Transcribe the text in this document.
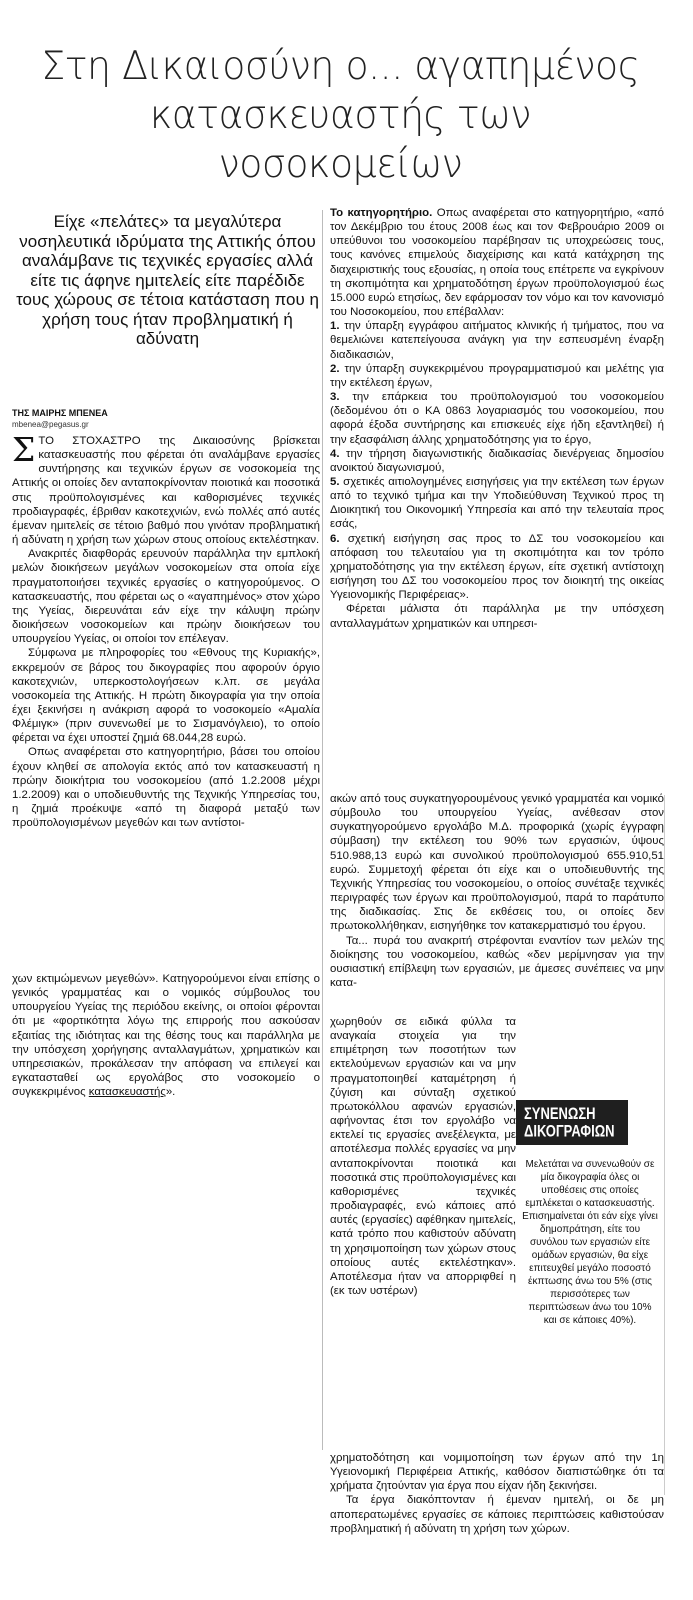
Στη Δικαιοσύνη ο... αγαπημένος
κατασκευαστής των νοσοκομείων
Είχε «πελάτες» τα μεγαλύτερα νοσηλευτικά ιδρύματα της Αττικής όπου αναλάμβανε τις τεχνικές εργασίες αλλά είτε τις άφηνε ημιτελείς είτε παρέδιδε τους χώρους σε τέτοια κατάσταση που η χρήση τους ήταν προβληματική ή αδύνατη
ΤΗΣ ΜΑΙΡΗΣ ΜΠΕΝΕΑ
mbenea@pegasus.gr

ΣΤΟ ΣΤΟΧΑΣΤΡΟ της Δικαιοσύνης βρίσκεται κατασκευαστής που φέρεται ότι αναλάμβανε εργασίες συντήρησης και τεχνικών έργων σε νοσοκομεία της Αττικής οι οποίες δεν ανταποκρίνονταν ποιοτικά και ποσοτικά στις προϋπολογισμένες και καθορισμένες τεχνικές προδιαγραφές, έβριθαν κακοτεχνιών, ενώ πολλές από αυτές έμεναν ημιτελείς σε τέτοιο βαθμό που γινόταν προβληματική ή αδύνατη η χρήση των χώρων στους οποίους εκτελέστηκαν.

Ανακριτές διαφθοράς ερευνούν παράλληλα την εμπλοκή μελών διοικήσεων μεγάλων νοσοκομείων στα οποία είχε πραγματοποιήσει τεχνικές εργασίες ο κατηγορούμενος. Ο κατασκευαστής, που φέρεται ως ο «αγαπημένος» στον χώρο της Υγείας, διερευνάται εάν είχε την κάλυψη πρώην διοικήσεων νοσοκομείων και πρώην διοικήσεων του υπουργείου Υγείας, οι οποίοι τον επέλεγαν.

Σύμφωνα με πληροφορίες του «Εθνους της Κυριακής», εκκρεμούν σε βάρος του δικογραφίες που αφορούν όργιο κακοτεχνιών, υπερκοστολογήσεων κ.λπ. σε μεγάλα νοσοκομεία της Αττικής. Η πρώτη δικογραφία για την οποία έχει ξεκινήσει η ανάκριση αφορά το νοσοκομείο «Αμαλία Φλέμιγκ» (πριν συνενωθεί με το Σισμανόγλειο), το οποίο φέρεται να έχει υποστεί ζημιά 68.044,28 ευρώ.

Οπως αναφέρεται στο κατηγορητήριο, βάσει του οποίου έχουν κληθεί σε απολογία εκτός από τον κατασκευαστή η πρώην διοικήτρια του νοσοκομείου (από 1.2.2008 μέχρι 1.2.2009) και ο υποδιευθυντής της Τεχνικής Υπηρεσίας του, η ζημιά προέκυψε «από τη διαφορά μεταξύ των προϋπολογισμένων μεγεθών και των αντίστοι-

χων εκτιμώμενων μεγεθών». Κατηγορούμενοι είναι επίσης ο γενικός γραμματέας και ο νομικός σύμβουλος του υπουργείου Υγείας της περιόδου εκείνης, οι οποίοι φέρονται ότι με «φορτικότητα λόγω της επιρροής που ασκούσαν εξαιτίας της ιδιότητας και της θέσης τους και παράλληλα με την υπόσχεση χορήγησης ανταλλαγμάτων, χρηματικών και υπηρεσιακών, προκάλεσαν την απόφαση να επιλεγεί και εγκατασταθεί ως εργολάβος στο νοσοκομείο ο συγκεκριμένος κατασκευαστής».

Το κατηγορητήριο. Οπως αναφέρεται στο κατηγορητήριο, «από τον Δεκέμβριο του έτους 2008 έως και τον Φεβρουάριο 2009 οι υπεύθυνοι του νοσοκομείου παρέβησαν τις υποχρεώσεις τους, τους κανόνες επιμελούς διαχείρισης και κατά κατάχρηση της διαχειριστικής τους εξουσίας, η οποία τους επέτρεπε να εγκρίνουν τη σκοπιμότητα και χρηματοδότηση έργων προϋπολογισμού έως 15.000 ευρώ ετησίως, δεν εφάρμοσαν τον νόμο και τον κανονισμό του Νοσοκομείου, που επέβαλλαν:

1. την ύπαρξη εγγράφου αιτήματος κλινικής ή τμήματος, που να θεμελιώνει κατεπείγουσα ανάγκη για την εσπευσμένη έναρξη διαδικασιών,

2. την ύπαρξη συγκεκριμένου προγραμματισμού και μελέτης για την εκτέλεση έργων,

3. την επάρκεια του προϋπολογισμού του νοσοκομείου (δεδομένου ότι ο ΚΑ 0863 λογαριασμός του νοσοκομείου, που αφορά έξοδα συντήρησης και επισκευές είχε ήδη εξαντληθεί) ή την εξασφάλιση άλλης χρηματοδότησης για το έργο,

4. την τήρηση διαγωνιστικής διαδικασίας διενέργειας δημοσίου ανοικτού διαγωνισμού,

5. σχετικές αιτιολογημένες εισηγήσεις για την εκτέλεση των έργων από το τεχνικό τμήμα και την Υποδιεύθυνση Τεχνικού προς τη Διοικητική του Οικονομική Υπηρεσία και από την τελευταία προς εσάς,

6. σχετική εισήγηση σας προς το ΔΣ του νοσοκομείου και απόφαση του τελευταίου για τη σκοπιμότητα και τον τρόπο χρηματοδότησης για την εκτέλεση έργων, είτε σχετική αντίστοιχη εισήγηση του ΔΣ του νοσοκομείου προς τον διοικητή της οικείας Υγειονομικής Περιφέρειας».

Φέρεται μάλιστα ότι παράλληλα με την υπόσχεση ανταλλαγμάτων χρηματικών και υπηρεσι-

ακών από τους συγκατηγορουμένους γενικό γραμματέα και νομικό σύμβουλο του υπουργείου Υγείας, ανέθεσαν στον συγκατηγορούμενο εργολάβο Μ.Δ. προφορικά (χωρίς έγγραφη σύμβαση) την εκτέλεση του 90% των εργασιών, ύψους 510.988,13 ευρώ και συνολικού προϋπολογισμού 655.910,51 ευρώ. Συμμετοχή φέρεται ότι είχε και ο υποδιευθυντής της Τεχνικής Υπηρεσίας του νοσοκομείου, ο οποίος συνέταξε τεχνικές περιγραφές των έργων και προϋπολογισμού, παρά το παράτυπο της διαδικασίας. Στις δε εκθέσεις του, οι οποίες δεν πρωτοκολλήθηκαν, εισηγήθηκε τον κατακερματισμό του έργου.

Τα... πυρά του ανακριτή στρέφονται εναντίον των μελών της διοίκησης του νοσοκομείου, καθώς «δεν μερίμνησαν για την ουσιαστική επίβλεψη των εργασιών, με άμεσες συνέπειες να μην κατα-

χωρηθούν σε ειδικά φύλλα τα αναγκαία στοιχεία για την επιμέτρηση των ποσοτήτων των εκτελούμενων εργασιών και να μην πραγματοποιηθεί καταμέτρηση ή ζύγιση και σύνταξη σχετικού πρωτοκόλλου αφανών εργασιών, αφήνοντας έτσι τον εργολάβο να εκτελεί τις εργασίες ανεξέλεγκτα, με αποτέλεσμα πολλές εργασίες να μην ανταποκρίνονται ποιοτικά και ποσοτικά στις προϋπολογισμένες και καθορισμένες τεχνικές προδιαγραφές, ενώ κάποιες από αυτές (εργασίες) αφέθηκαν ημιτελείς, κατά τρόπο που καθιστούν αδύνατη τη χρησιμοποίηση των χώρων στους οποίους αυτές εκτελέστηκαν». Αποτέλεσμα ήταν να απορριφθεί η (εκ των υστέρων)

χρηματοδότηση και νομιμοποίηση των έργων από την 1η Υγειονομική Περιφέρεια Αττικής, καθόσον διαπιστώθηκε ότι τα χρήματα ζητούνταν για έργα που είχαν ήδη ξεκινήσει.

Τα έργα διακόπτονταν ή έμεναν ημιτελή, οι δε μη αποπερατωμένες εργασίες σε κάποιες περιπτώσεις καθιστούσαν προβληματική ή αδύνατη τη χρήση των χώρων.

ΣΥΝΕΝΩΣΗ
ΔΙΚΟΓΡΑΦΙΩΝ
Μελετάται να συνενωθούν σε μία δικογραφία όλες οι υποθέσεις στις οποίες εμπλέκεται ο κατασκευαστής. Επισημαίνεται ότι εάν είχε γίνει δημοπράτηση, είτε του συνόλου των εργασιών είτε ομάδων εργασιών, θα είχε επιτευχθεί μεγάλο ποσοστό έκπτωσης άνω του 5% (στις περισσότερες των περιπτώσεων άνω του 10% και σε κάποιες 40%).
